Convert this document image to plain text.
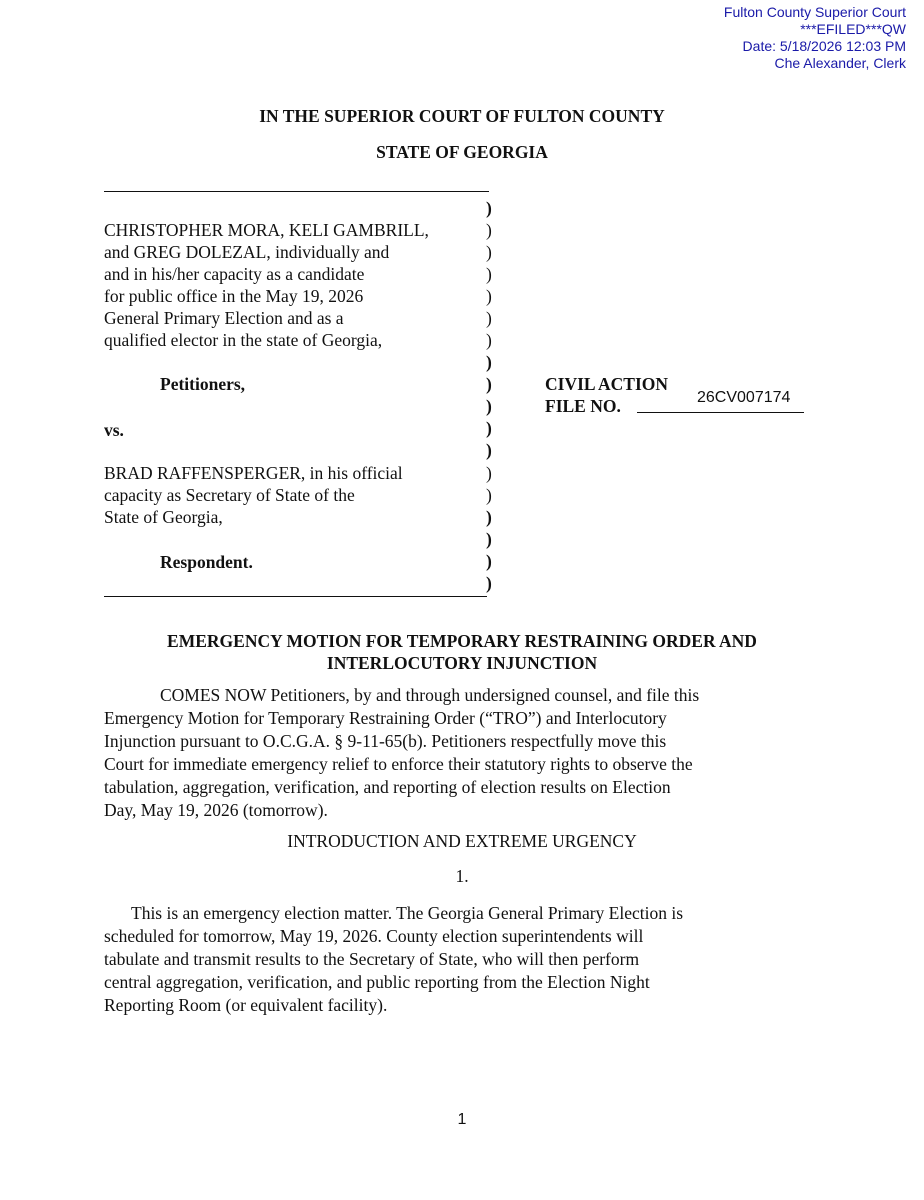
Fulton County Superior Court
***EFILED***QW
Date: 5/18/2026 12:03 PM
Che Alexander, Clerk
IN THE SUPERIOR COURT OF FULTON COUNTY
STATE OF GEORGIA
CHRISTOPHER MORA, KELI GAMBRILL,
and GREG DOLEZAL, individually and
and in his/her capacity as a candidate
for public office in the May 19, 2026
General Primary Election and as a
qualified elector in the state of Georgia,
Petitioners,
vs.
BRAD RAFFENSPERGER, in his official
capacity as Secretary of State of the
State of Georgia,
Respondent.
)
)
)
)
)
)
)
)
)
)
)
)
)
)
)
)
)
)
CIVIL ACTION
FILE NO.	26CV007174
EMERGENCY MOTION FOR TEMPORARY RESTRAINING ORDER AND
INTERLOCUTORY INJUNCTION
COMES NOW Petitioners, by and through undersigned counsel, and file this
Emergency Motion for Temporary Restraining Order (“TRO”) and Interlocutory
Injunction pursuant to O.C.G.A. § 9-11-65(b). Petitioners respectfully move this
Court for immediate emergency relief to enforce their statutory rights to observe the
tabulation, aggregation, verification, and reporting of election results on Election
Day, May 19, 2026 (tomorrow).
INTRODUCTION AND EXTREME URGENCY
1.
This is an emergency election matter. The Georgia General Primary Election is
scheduled for tomorrow, May 19, 2026. County election superintendents will
tabulate and transmit results to the Secretary of State, who will then perform
central aggregation, verification, and public reporting from the Election Night
Reporting Room (or equivalent facility).
1
